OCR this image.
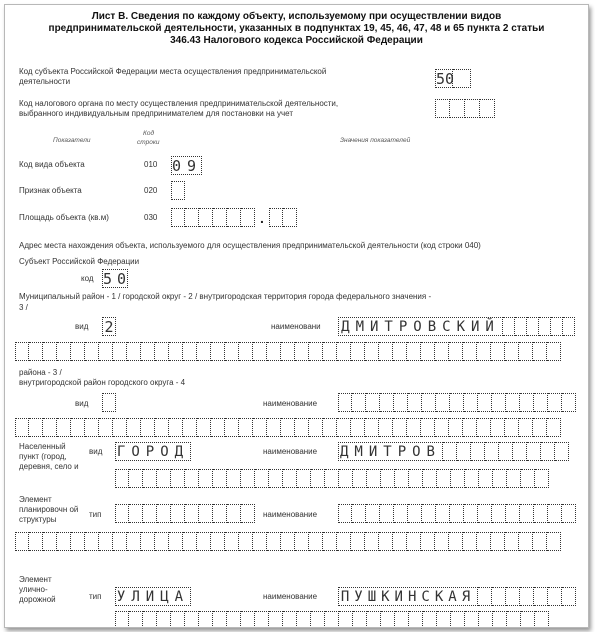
Лист В. Сведения по каждому объекту, используемому при осуществлении видов
предпринимательской деятельности, указанных в подпунктах 19, 45, 46, 47, 48 и 65 пункта 2 статьи
346.43 Налогового кодекса Российской Федерации
Код субъекта Российской Федерации места осуществления предпринимательской
деятельности	50
Код налогового органа по месту осуществления предпринимательской деятельности,
выбранного индивидуальным предпринимателем для постановки на учет
Показатели
Код
строки	Значения показателей
Код вида объекта	010 09
Признак объекта	020
Площадь объекта (кв.м)	030	.
Адрес места нахождения объекта, используемого для осуществления предпринимательской деятельности (код строки 040)
Субъект Российской Федерации
код 50
Муниципальный район - 1 / городской округ - 2 / внутригородская территория города федерального значения -
3 /
вид 2	наименовани ДМИТРОВСКИЙ
района - 3 /
внутригородской район городского округа - 4
вид	наименование
Населенный пункт (город, деревня, село и
вид ГОРОД	наименование ДМИТРОВ
Элемент планировочн ой структуры
тип	наименование
Элемент улично-дорожной	тип УЛИЦА	наименование ПУШКИНСКАЯ
